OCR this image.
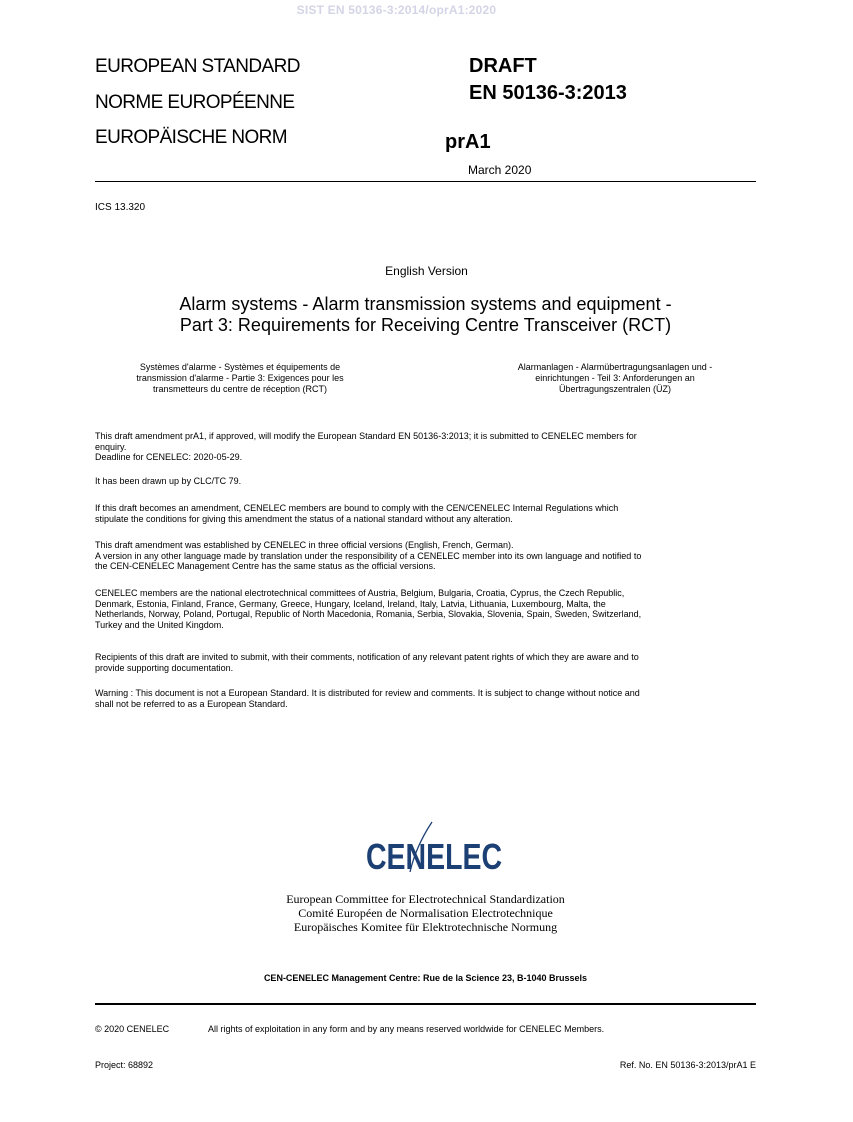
SIST EN 50136-3:2014/oprA1:2020
EUROPEAN STANDARD
NORME EUROPÉENNE
EUROPÄISCHE NORM
DRAFT
EN 50136-3:2013
prA1
March 2020
ICS 13.320
English Version
Alarm systems - Alarm transmission systems and equipment -
Part 3: Requirements for Receiving Centre Transceiver (RCT)
Systèmes d'alarme - Systèmes et équipements de
transmission d'alarme - Partie 3: Exigences pour les
transmetteurs du centre de réception (RCT)
Alarmanlagen - Alarmübertragungsanlagen und -
einrichtungen - Teil 3: Anforderungen an
Übertragungszentralen (ÜZ)
This draft amendment prA1, if approved, will modify the European Standard EN 50136-3:2013; it is submitted to CENELEC members for
enquiry.
Deadline for CENELEC: 2020-05-29.
It has been drawn up by CLC/TC 79.
If this draft becomes an amendment, CENELEC members are bound to comply with the CEN/CENELEC Internal Regulations which
stipulate the conditions for giving this amendment the status of a national standard without any alteration.
This draft amendment was established by CENELEC in three official versions (English, French, German).
A version in any other language made by translation under the responsibility of a CENELEC member into its own language and notified to
the CEN-CENELEC Management Centre has the same status as the official versions.
CENELEC members are the national electrotechnical committees of Austria, Belgium, Bulgaria, Croatia, Cyprus, the Czech Republic,
Denmark, Estonia, Finland, France, Germany, Greece, Hungary, Iceland, Ireland, Italy, Latvia, Lithuania, Luxembourg, Malta, the
Netherlands, Norway, Poland, Portugal, Republic of North Macedonia, Romania, Serbia, Slovakia, Slovenia, Spain, Sweden, Switzerland,
Turkey and the United Kingdom.
Recipients of this draft are invited to submit, with their comments, notification of any relevant patent rights of which they are aware and to
provide supporting documentation.
Warning : This document is not a European Standard. It is distributed for review and comments. It is subject to change without notice and
shall not be referred to as a European Standard.
CENELEC
European Committee for Electrotechnical Standardization
Comité Européen de Normalisation Electrotechnique
Europäisches Komitee für Elektrotechnische Normung
CEN-CENELEC Management Centre: Rue de la Science 23, B-1040 Brussels
© 2020 CENELEC	All rights of exploitation in any form and by any means reserved worldwide for CENELEC Members.
Project: 68892	Ref. No. EN 50136-3:2013/prA1 E
